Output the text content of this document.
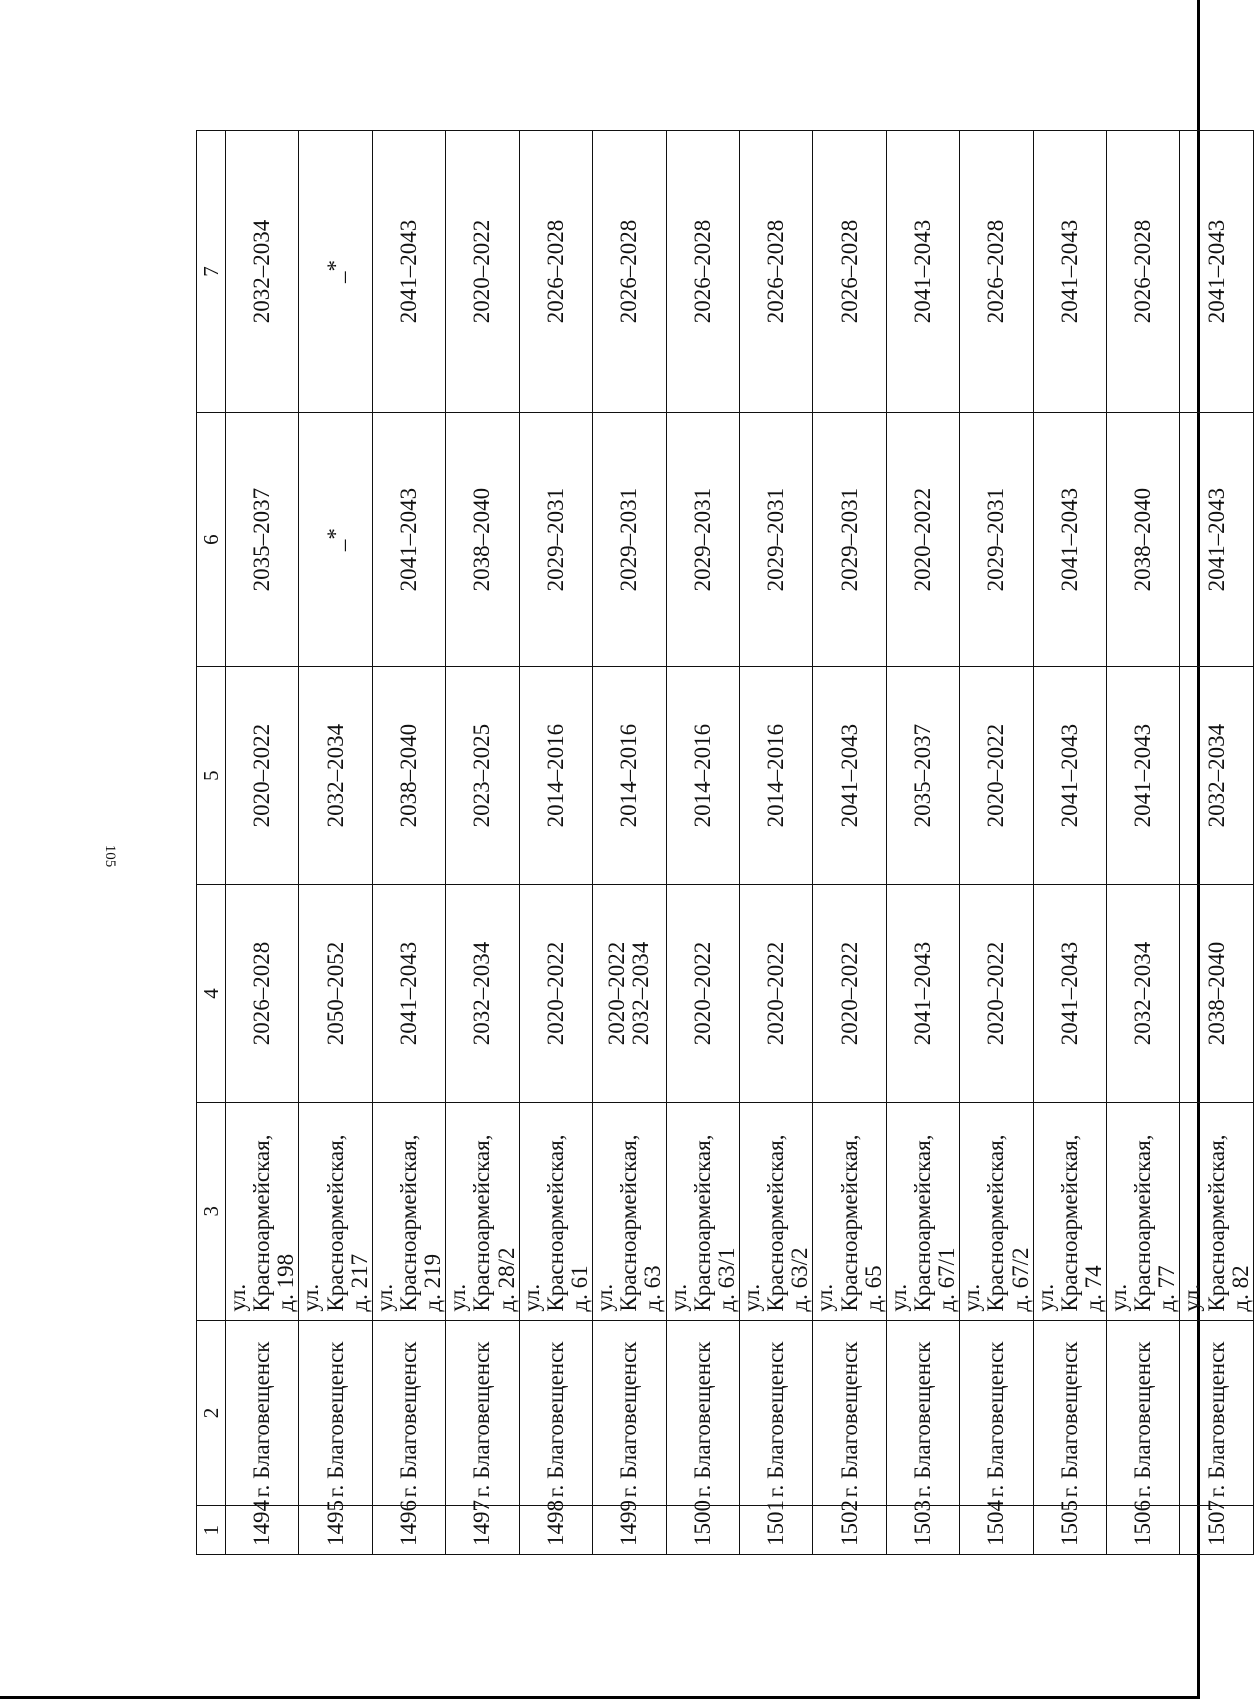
105
1	2	3	4	5	6	7

1494	г. Благовещенск	ул. Красноармейская, д. 198	2026–2028	2020–2022	2035–2037	2032–2034

1495	г. Благовещенск	ул. Красноармейская, д. 217	2050–2052	2032–2034	_*	_*

1496	г. Благовещенск	ул. Красноармейская, д. 219	2041–2043	2038–2040	2041–2043	2041–2043

1497	г. Благовещенск	ул. Красноармейская, д. 28/2	2032–2034	2023–2025	2038–2040	2020–2022

1498	г. Благовещенск	ул. Красноармейская, д. 61	2020–2022	2014–2016	2029–2031	2026–2028

1499	г. Благовещенск	ул. Красноармейская, д. 63	2020–2022 2032–2034	2014–2016	2029–2031	2026–2028

1500	г. Благовещенск	ул. Красноармейская, д. 63/1	2020–2022	2014–2016	2029–2031	2026–2028

1501	г. Благовещенск	ул. Красноармейская, д. 63/2	2020–2022	2014–2016	2029–2031	2026–2028

1502	г. Благовещенск	ул. Красноармейская, д. 65	2020–2022	2041–2043	2029–2031	2026–2028

1503	г. Благовещенск	ул. Красноармейская, д. 67/1	2041–2043	2035–2037	2020–2022	2041–2043

1504	г. Благовещенск	ул. Красноармейская, д. 67/2	2020–2022	2020–2022	2029–2031	2026–2028

1505	г. Благовещенск	ул. Красноармейская, д. 74	2041–2043	2041–2043	2041–2043	2041–2043

1506	г. Благовещенск	ул. Красноармейская, д. 77	2032–2034	2041–2043	2038–2040	2026–2028

1507	г. Благовещенск	ул. Красноармейская, д. 82	2038–2040	2032–2034	2041–2043	2041–2043
